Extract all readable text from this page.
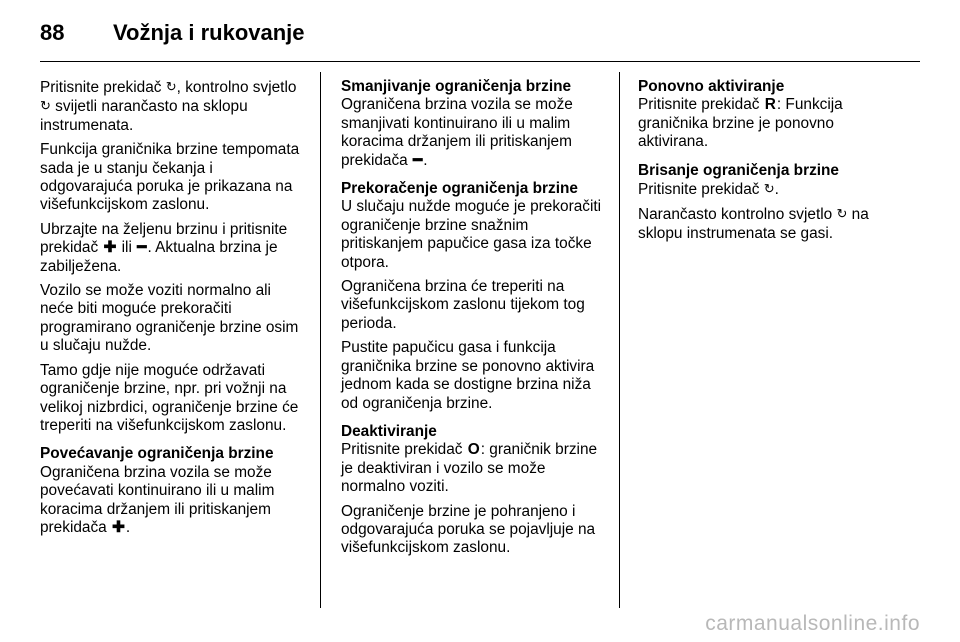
88	Vožnja i rukovanje

Pritisnite prekidač ↻, kontrolno svjetlo ↻ svijetli narančasto na sklopu instrumenata.

Funkcija graničnika brzine tempomata sada je u stanju čekanja i odgovarajuća poruka je prikazana na višefunkcijskom zaslonu.

Ubrzajte na željenu brzinu i pritisnite prekidač ✚ ili ━. Aktualna brzina je zabilježena.

Vozilo se može voziti normalno ali neće biti moguće prekoračiti programirano ograničenje brzine osim u slučaju nužde.

Tamo gdje nije moguće održavati ograničenje brzine, npr. pri vožnji na velikoj nizbrdici, ograničenje brzine će treperiti na višefunkcijskom zaslonu.

Povećavanje ograničenja brzine

Ograničena brzina vozila se može povećavati kontinuirano ili u malim koracima držanjem ili pritiskanjem prekidača ✚.

Smanjivanje ograničenja brzine

Ograničena brzina vozila se može smanjivati kontinuirano ili u malim koracima držanjem ili pritiskanjem prekidača ━.

Prekoračenje ograničenja brzine

U slučaju nužde moguće je prekoračiti ograničenje brzine snažnim pritiskanjem papučice gasa iza točke otpora.

Ograničena brzina će treperiti na višefunkcijskom zaslonu tijekom tog perioda.

Pustite papučicu gasa i funkcija graničnika brzine se ponovno aktivira jednom kada se dostigne brzina niža od ograničenja brzine.

Deaktiviranje

Pritisnite prekidač O: graničnik brzine je deaktiviran i vozilo se može normalno voziti.

Ograničenje brzine je pohranjeno i odgovarajuća poruka se pojavljuje na višefunkcijskom zaslonu.

Ponovno aktiviranje

Pritisnite prekidač R: Funkcija graničnika brzine je ponovno aktivirana.

Brisanje ograničenja brzine

Pritisnite prekidač ↻.

Narančasto kontrolno svjetlo ↻ na sklopu instrumenata se gasi.

carmanualsonline.info
